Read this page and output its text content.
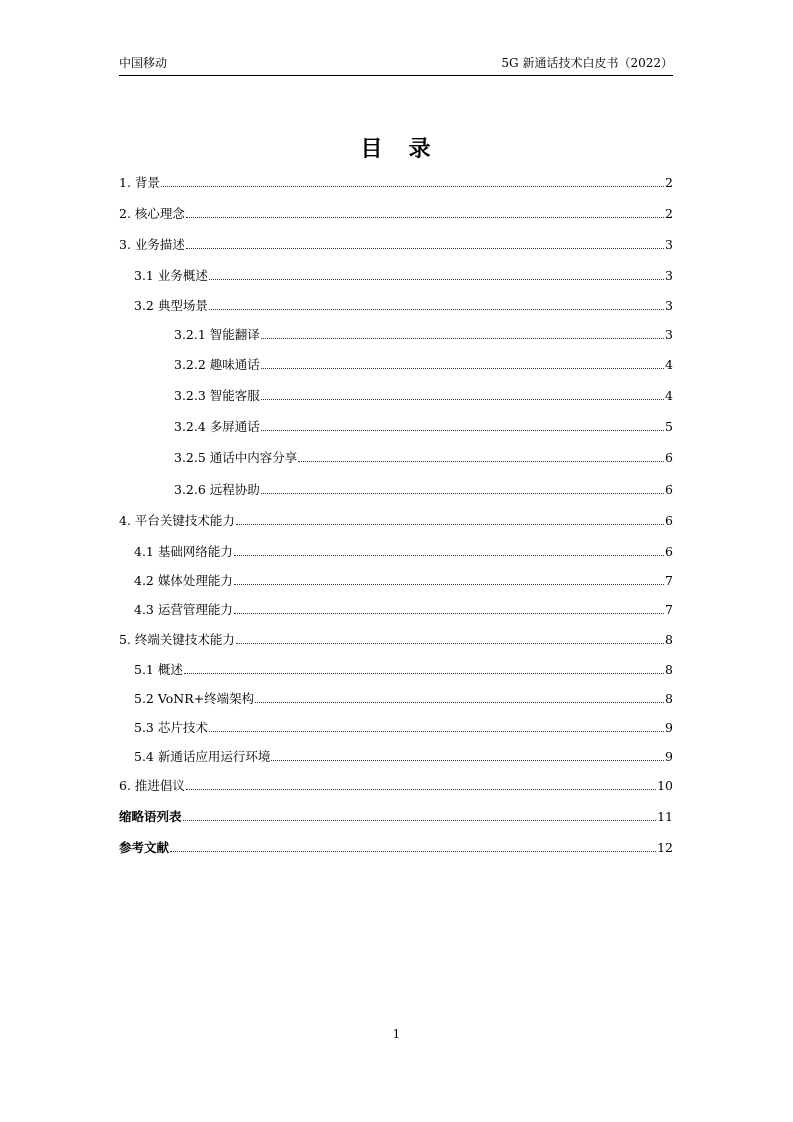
中国移动	5G 新通话技术白皮书（2022）
目　录
1. 背景	2
2. 核心理念	2
3. 业务描述	3
3.1 业务概述	3
3.2 典型场景	3
3.2.1 智能翻译	3
3.2.2 趣味通话	4
3.2.3 智能客服	4
3.2.4 多屏通话	5
3.2.5 通话中内容分享	6
3.2.6 远程协助	6
4. 平台关键技术能力	6
4.1 基础网络能力	6
4.2 媒体处理能力	7
4.3 运营管理能力	7
5. 终端关键技术能力	8
5.1 概述	8
5.2 VoNR+终端架构	8
5.3 芯片技术	9
5.4 新通话应用运行环境	9
6. 推进倡议	10
缩略语列表	11
参考文献	12
1
